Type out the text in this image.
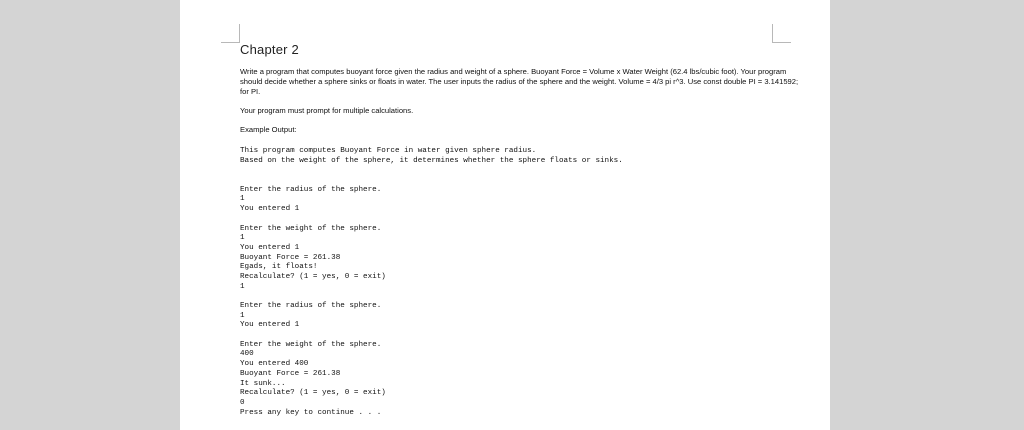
Chapter 2

Write a program that computes buoyant force given the radius and weight of a sphere. Buoyant Force = Volume x Water Weight (62.4 lbs/cubic foot). Your program should decide whether a sphere sinks or floats in water. The user inputs the radius of the sphere and the weight. Volume = 4/3 pi r^3. Use const double PI = 3.141592; for PI.

Your program must prompt for multiple calculations.

Example Output:

This program computes Buoyant Force in water given sphere radius.
Based on the weight of the sphere, it determines whether the sphere floats or sinks.
Enter the radius of the sphere.
1
You entered 1
Enter the weight of the sphere.
1
You entered 1
Buoyant Force = 261.38
Egads, it floats!
Recalculate? (1 = yes, 0 = exit)
1
Enter the radius of the sphere.
1
You entered 1
Enter the weight of the sphere.
400
You entered 400
Buoyant Force = 261.38
It sunk...
Recalculate? (1 = yes, 0 = exit)
0
Press any key to continue . . .
